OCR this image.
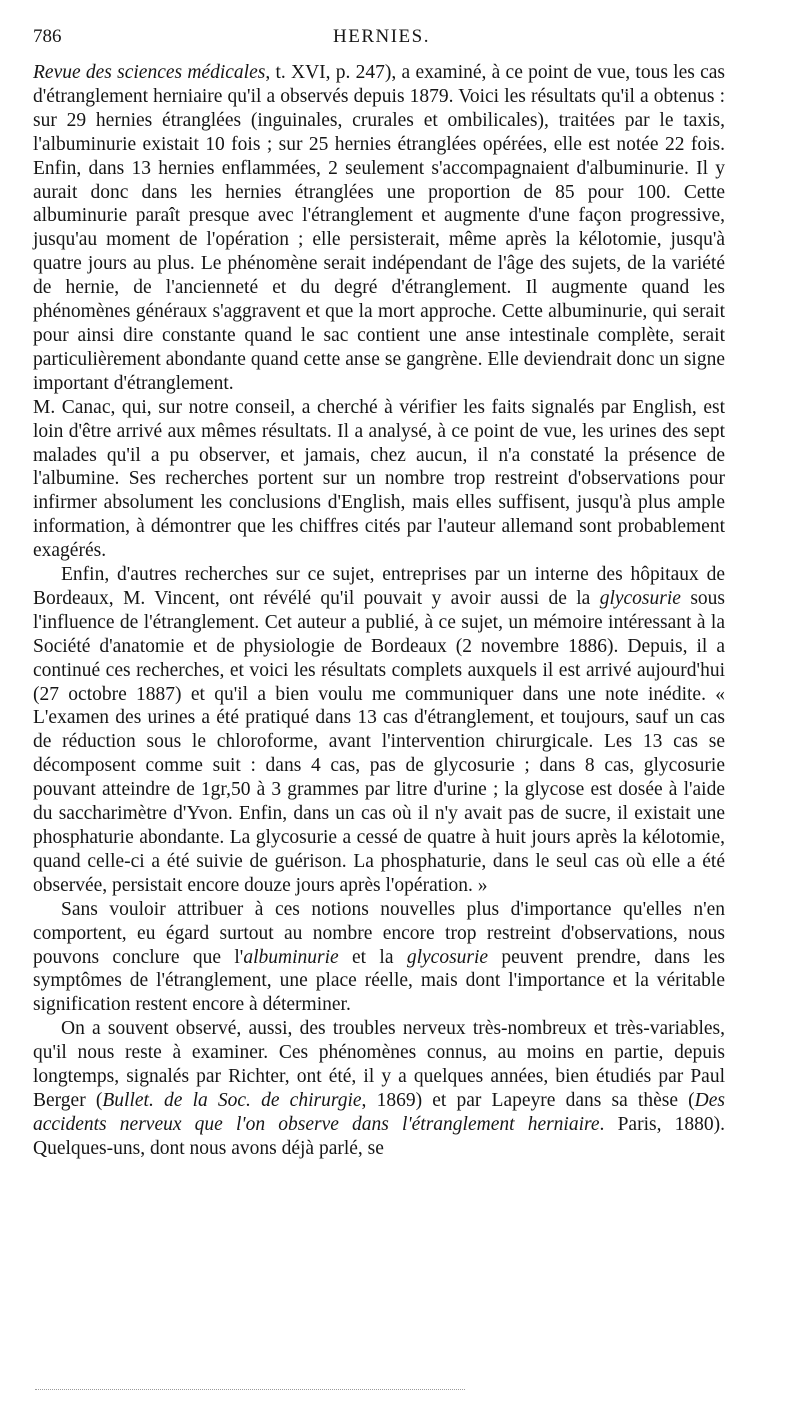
786	HERNIES.

Revue des sciences médicales, t. XVI, p. 247), a examiné, à ce point de vue, tous les cas d'étranglement herniaire qu'il a observés depuis 1879. Voici les résultats qu'il a obtenus : sur 29 hernies étranglées (inguinales, crurales et ombilicales), traitées par le taxis, l'albuminurie existait 10 fois ; sur 25 hernies étranglées opérées, elle est notée 22 fois. Enfin, dans 13 hernies enflammées, 2 seulement s'accompagnaient d'albuminurie. Il y aurait donc dans les hernies étranglées une proportion de 85 pour 100. Cette albuminurie paraît presque avec l'étranglement et augmente d'une façon progressive, jusqu'au moment de l'opération ; elle persisterait, même après la kélotomie, jusqu'à quatre jours au plus. Le phénomène serait indépendant de l'âge des sujets, de la variété de hernie, de l'ancienneté et du degré d'étranglement. Il augmente quand les phénomènes généraux s'aggravent et que la mort approche. Cette albuminurie, qui serait pour ainsi dire constante quand le sac contient une anse intestinale complète, serait particulièrement abondante quand cette anse se gangrène. Elle deviendrait donc un signe important d'étranglement.

M. Canac, qui, sur notre conseil, a cherché à vérifier les faits signalés par English, est loin d'être arrivé aux mêmes résultats. Il a analysé, à ce point de vue, les urines des sept malades qu'il a pu observer, et jamais, chez aucun, il n'a constaté la présence de l'albumine. Ses recherches portent sur un nombre trop restreint d'observations pour infirmer absolument les conclusions d'English, mais elles suffisent, jusqu'à plus ample information, à démontrer que les chiffres cités par l'auteur allemand sont probablement exagérés.

Enfin, d'autres recherches sur ce sujet, entreprises par un interne des hôpitaux de Bordeaux, M. Vincent, ont révélé qu'il pouvait y avoir aussi de la glycosurie sous l'influence de l'étranglement. Cet auteur a publié, à ce sujet, un mémoire intéressant à la Société d'anatomie et de physiologie de Bordeaux (2 novembre 1886). Depuis, il a continué ces recherches, et voici les résultats complets auxquels il est arrivé aujourd'hui (27 octobre 1887) et qu'il a bien voulu me communiquer dans une note inédite. « L'examen des urines a été pratiqué dans 13 cas d'étranglement, et toujours, sauf un cas de réduction sous le chloroforme, avant l'intervention chirurgicale. Les 13 cas se décomposent comme suit : dans 4 cas, pas de glycosurie ; dans 8 cas, glycosurie pouvant atteindre de 1gr,50 à 3 grammes par litre d'urine ; la glycose est dosée à l'aide du saccharimètre d'Yvon. Enfin, dans un cas où il n'y avait pas de sucre, il existait une phosphaturie abondante. La glycosurie a cessé de quatre à huit jours après la kélotomie, quand celle-ci a été suivie de guérison. La phosphaturie, dans le seul cas où elle a été observée, persistait encore douze jours après l'opération. »

Sans vouloir attribuer à ces notions nouvelles plus d'importance qu'elles n'en comportent, eu égard surtout au nombre encore trop restreint d'observations, nous pouvons conclure que l'albuminurie et la glycosurie peuvent prendre, dans les symptômes de l'étranglement, une place réelle, mais dont l'importance et la véritable signification restent encore à déterminer.

On a souvent observé, aussi, des troubles nerveux très-nombreux et très-variables, qu'il nous reste à examiner. Ces phénomènes connus, au moins en partie, depuis longtemps, signalés par Richter, ont été, il y a quelques années, bien étudiés par Paul Berger (Bullet. de la Soc. de chirurgie, 1869) et par Lapeyre dans sa thèse (Des accidents nerveux que l'on observe dans l'étranglement herniaire. Paris, 1880). Quelques-uns, dont nous avons déjà parlé, se
